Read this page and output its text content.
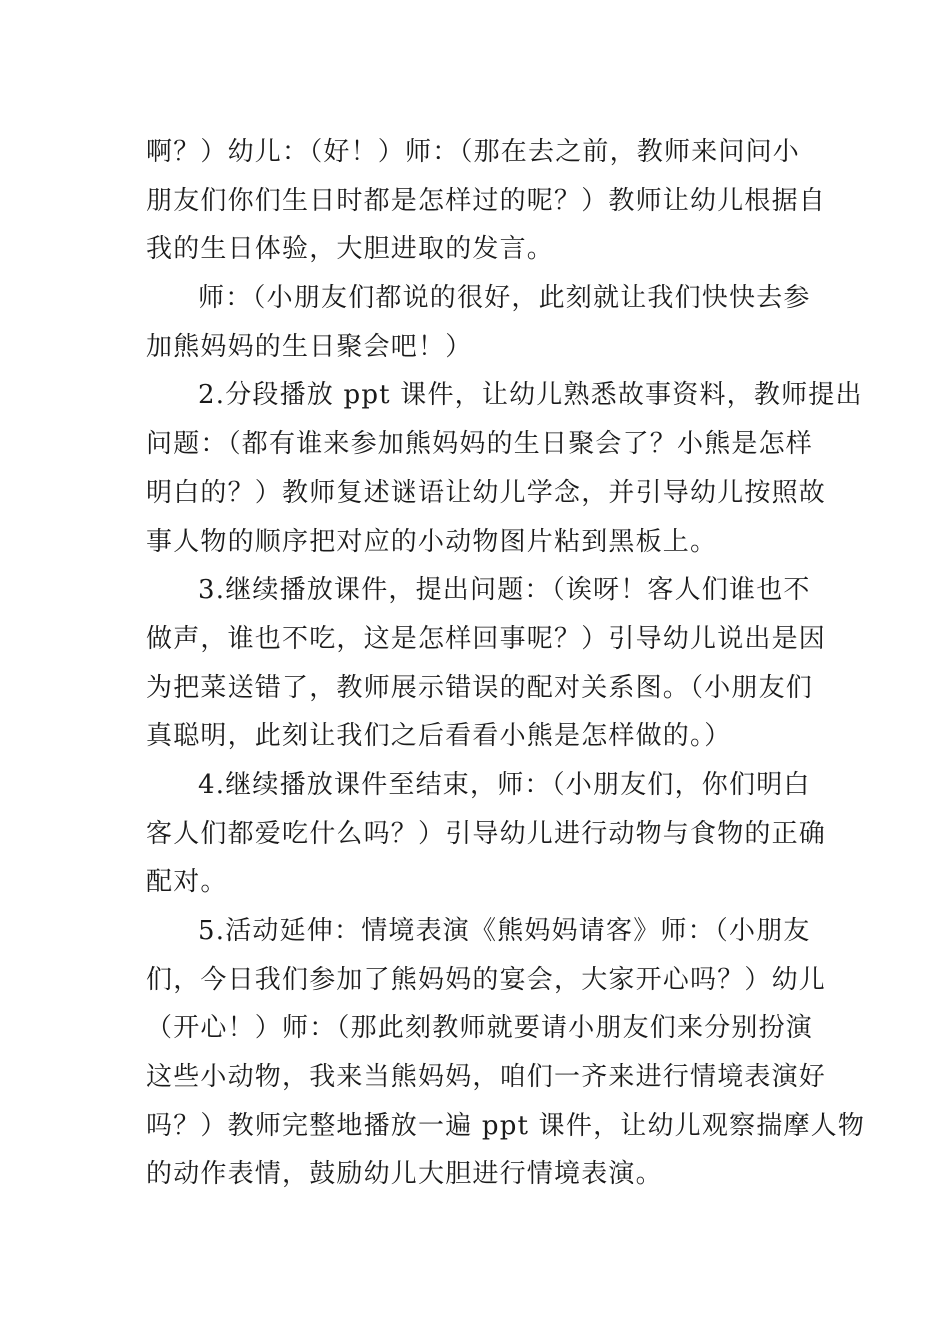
啊？）幼儿：（好！）师：（那在去之前，教师来问问小
朋友们你们生日时都是怎样过的呢？）教师让幼儿根据自
我的生日体验，大胆进取的发言。
师：（小朋友们都说的很好，此刻就让我们快快去参
加熊妈妈的生日聚会吧！）
2.分段播放 ppt 课件，让幼儿熟悉故事资料，教师提出
问题：（都有谁来参加熊妈妈的生日聚会了？小熊是怎样
明白的？）教师复述谜语让幼儿学念，并引导幼儿按照故
事人物的顺序把对应的小动物图片粘到黑板上。
3.继续播放课件，提出问题：（诶呀！客人们谁也不
做声，谁也不吃，这是怎样回事呢？）引导幼儿说出是因
为把菜送错了，教师展示错误的配对关系图。（小朋友们
真聪明，此刻让我们之后看看小熊是怎样做的。）
4.继续播放课件至结束，师：（小朋友们，你们明白
客人们都爱吃什么吗？）引导幼儿进行动物与食物的正确
配对。
5.活动延伸：情境表演《熊妈妈请客》师：（小朋友
们，今日我们参加了熊妈妈的宴会，大家开心吗？）幼儿
（开心！）师：（那此刻教师就要请小朋友们来分别扮演
这些小动物，我来当熊妈妈，咱们一齐来进行情境表演好
吗？）教师完整地播放一遍 ppt 课件，让幼儿观察揣摩人物
的动作表情，鼓励幼儿大胆进行情境表演。
